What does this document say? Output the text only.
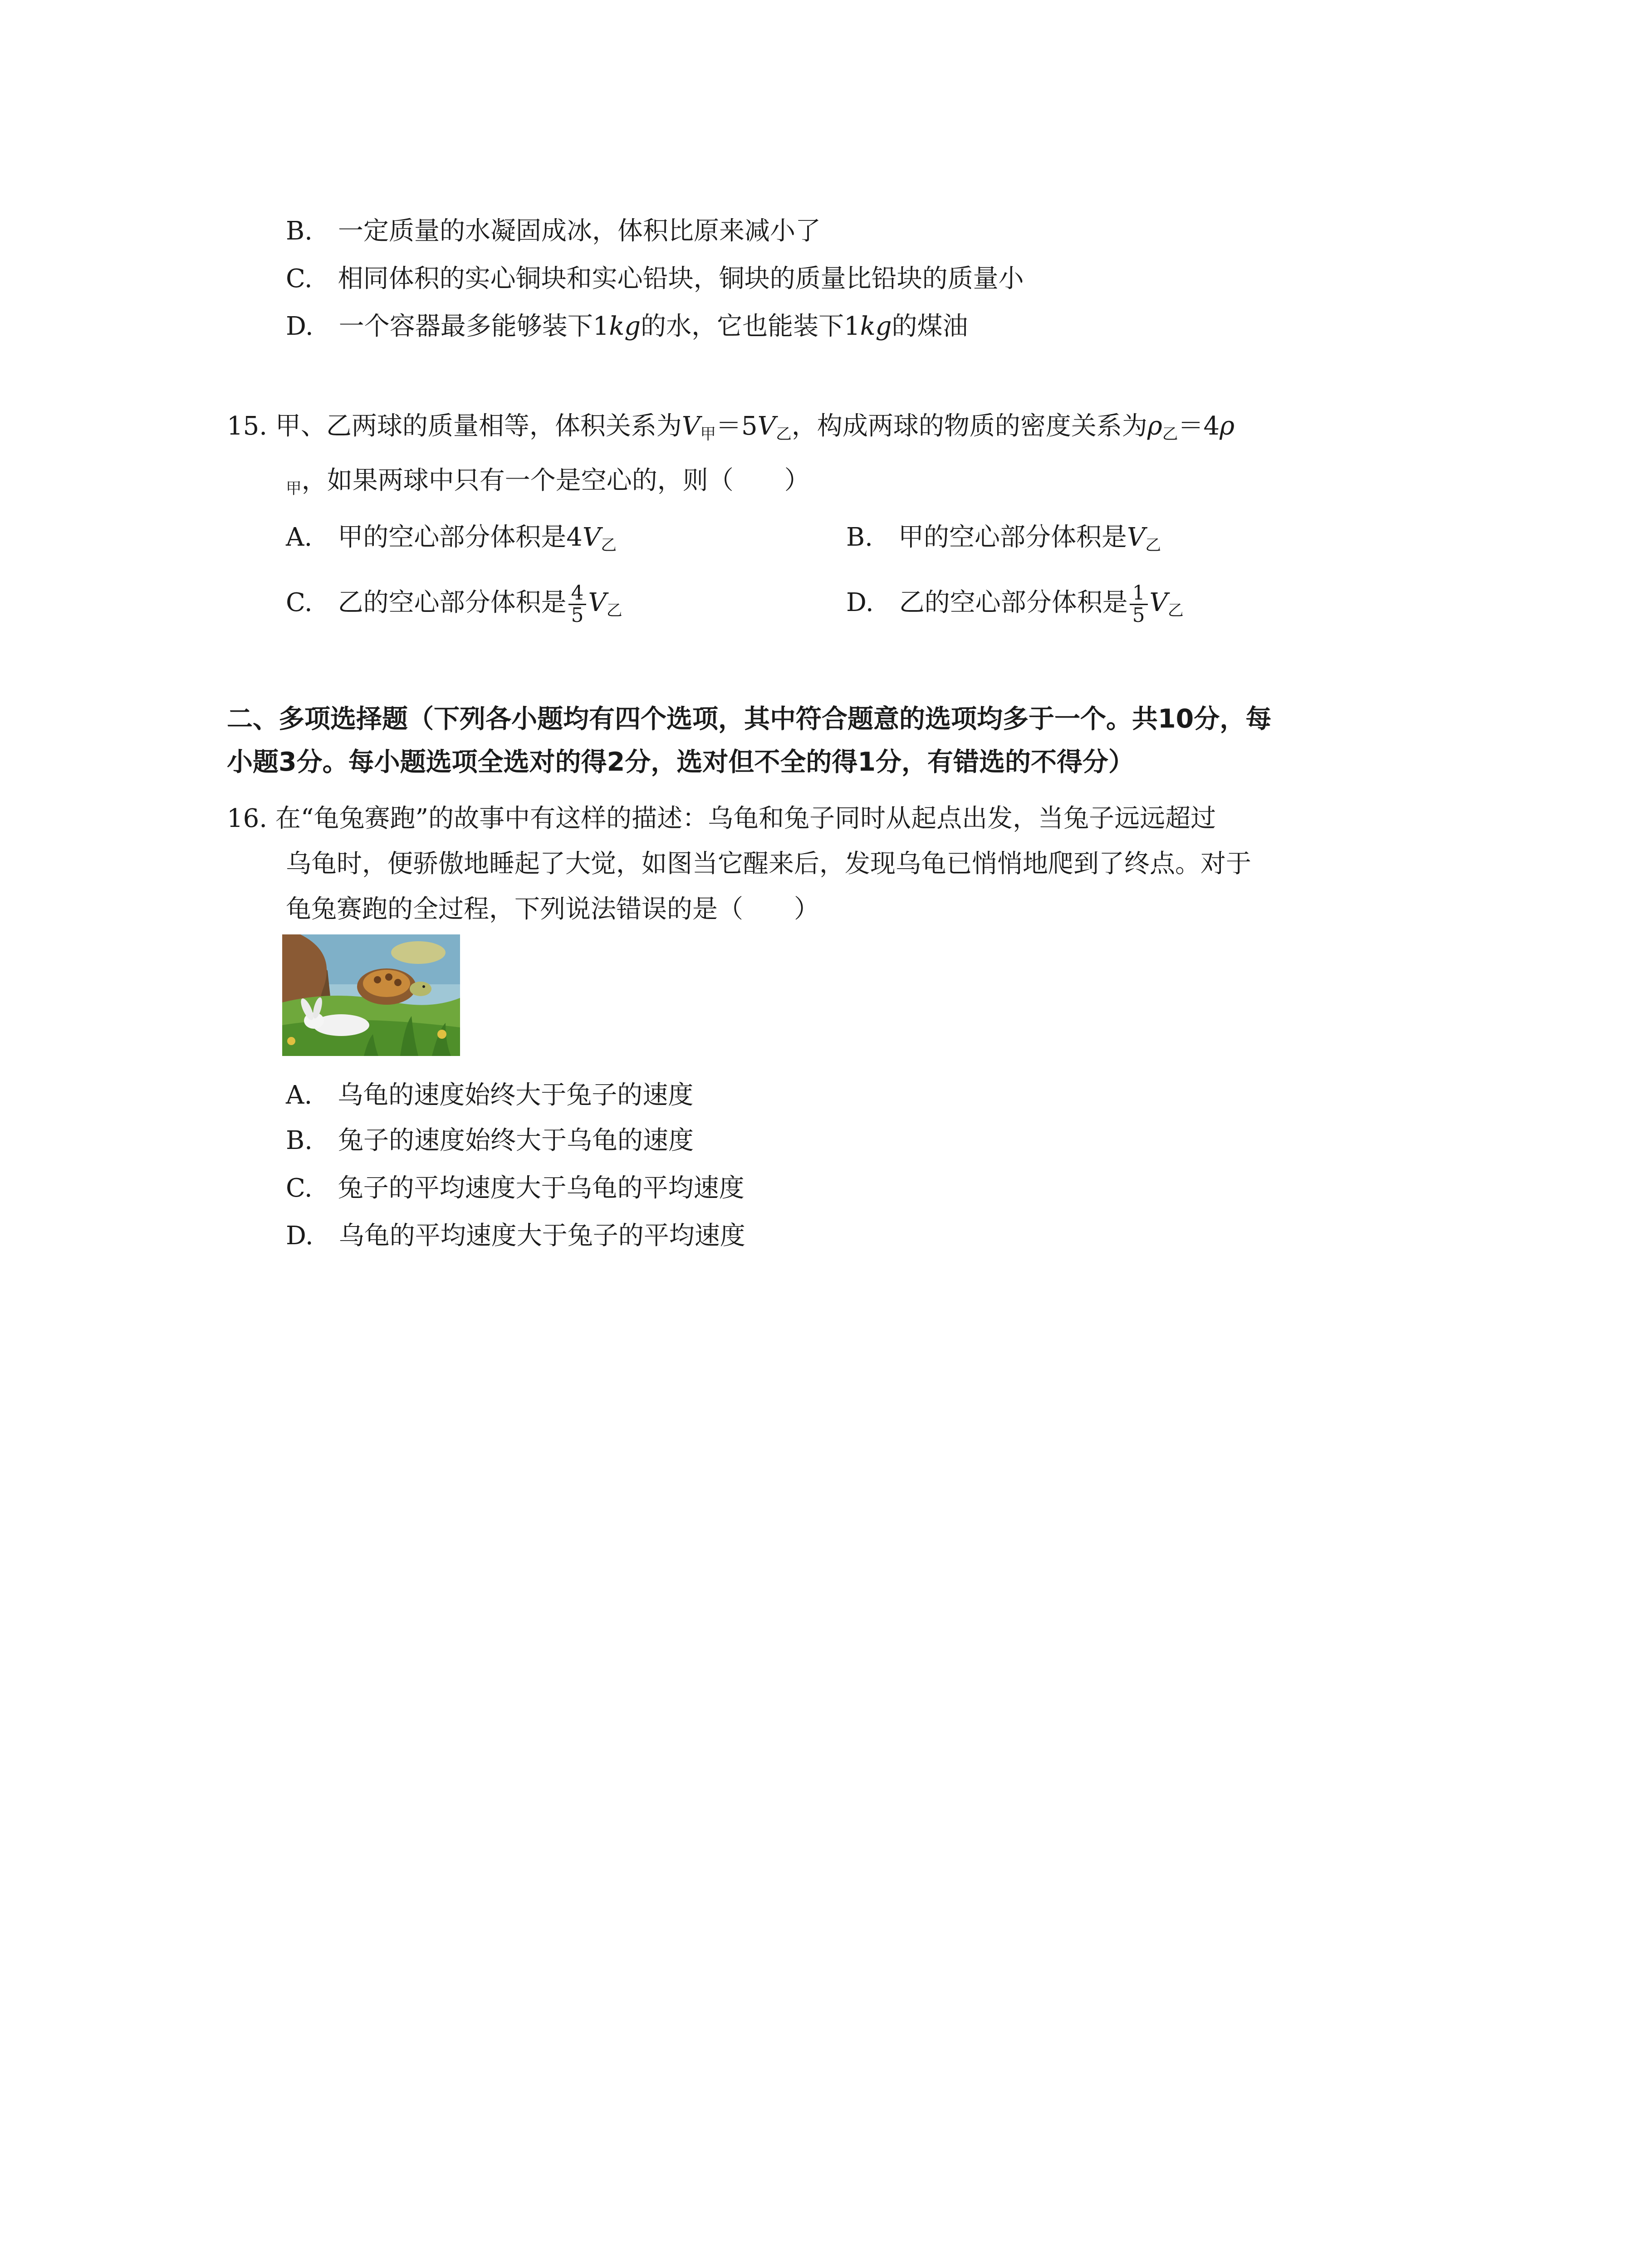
B.　一定质量的水凝固成冰，体积比原来减小了
C.　相同体积的实心铜块和实心铅块，铜块的质量比铅块的质量小
D.　一个容器最多能够装下1kg的水，它也能装下1kg的煤油
15. 甲、乙两球的质量相等，体积关系为$V_甲=5V_乙$，构成两球的物质的密度关系为$\rho_乙=4\rho$
$_甲$，如果两球中只有一个是空心的，则（　　）
A.　甲的空心部分体积是$4V_乙$	B.　甲的空心部分体积是$V_乙$
C.　乙的空心部分体积是 $\frac{4}{5} V_乙$	D.　乙的空心部分体积是 $\frac{1}{5} V_乙$
二、多项选择题（下列各小题均有四个选项，其中符合题意的选项均多于一个。共10分，每
小题3分。每小题选项全选对的得2分，选对但不全的得1分，有错选的不得分）
16. 在“龟兔赛跑”的故事中有这样的描述：乌龟和兔子同时从起点出发，当兔子远远超过
乌龟时，便骄傲地睡起了大觉，如图当它醒来后，发现乌龟已悄悄地爬到了终点。对于
龟兔赛跑的全过程，下列说法错误的是（　　）
A.　乌龟的速度始终大于兔子的速度
B.　兔子的速度始终大于乌龟的速度
C.　兔子的平均速度大于乌龟的平均速度
D.　乌龟的平均速度大于兔子的平均速度
